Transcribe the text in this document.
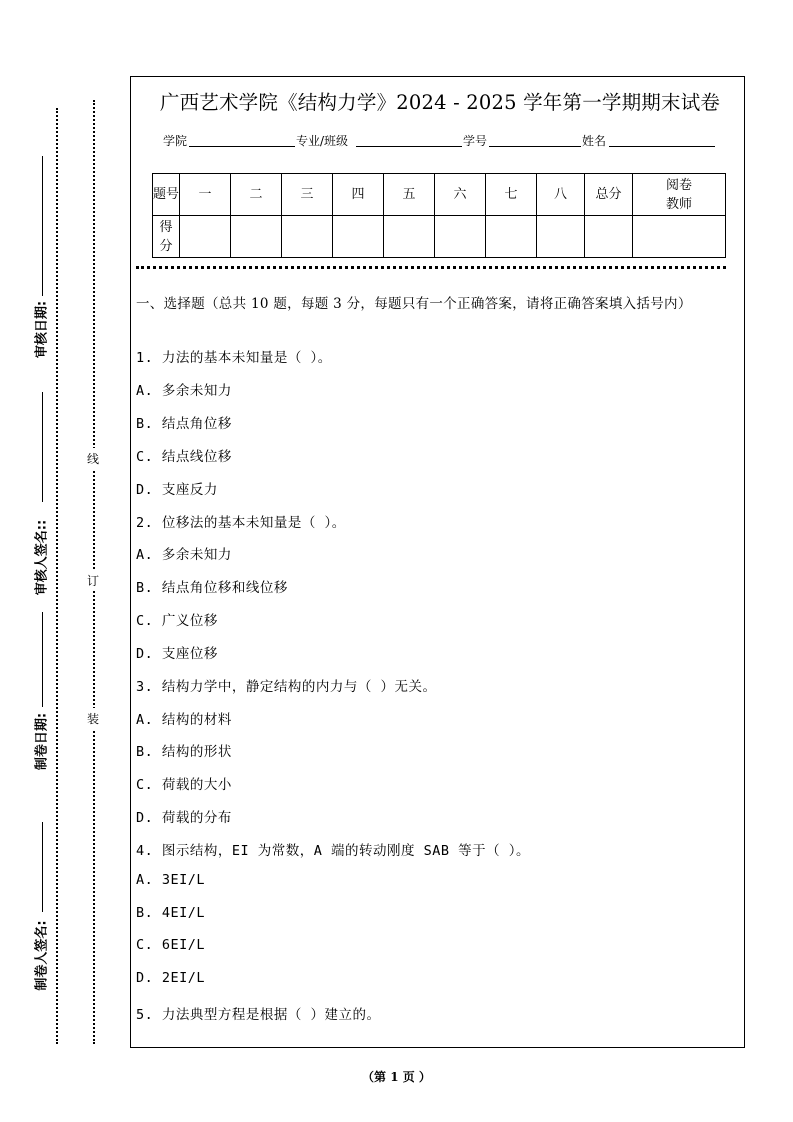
审核日期:
审核人签名::
制卷日期:
制卷人签名:
线
订
装
广西艺术学院《结构力学》2024 - 2025 学年第一学期期末试卷
学院	专业/班级	学号	姓名
题号	一	二	三	四	五	六	七	八	总分	阅卷教师
得分										
一、选择题（总共 10 题，每题 3 分，每题只有一个正确答案，请将正确答案填入括号内）
1. 力法的基本未知量是（ ）。
A. 多余未知力
B. 结点角位移
C. 结点线位移
D. 支座反力
2. 位移法的基本未知量是（ ）。
A. 多余未知力
B. 结点角位移和线位移
C. 广义位移
D. 支座位移
3. 结构力学中，静定结构的内力与（ ）无关。
A. 结构的材料
B. 结构的形状
C. 荷载的大小
D. 荷载的分布
4. 图示结构，EI 为常数，A 端的转动刚度 SAB 等于（ ）。
A. 3EI/L
B. 4EI/L
C. 6EI/L
D. 2EI/L
5. 力法典型方程是根据（ ）建立的。
（第 1 页 ）
